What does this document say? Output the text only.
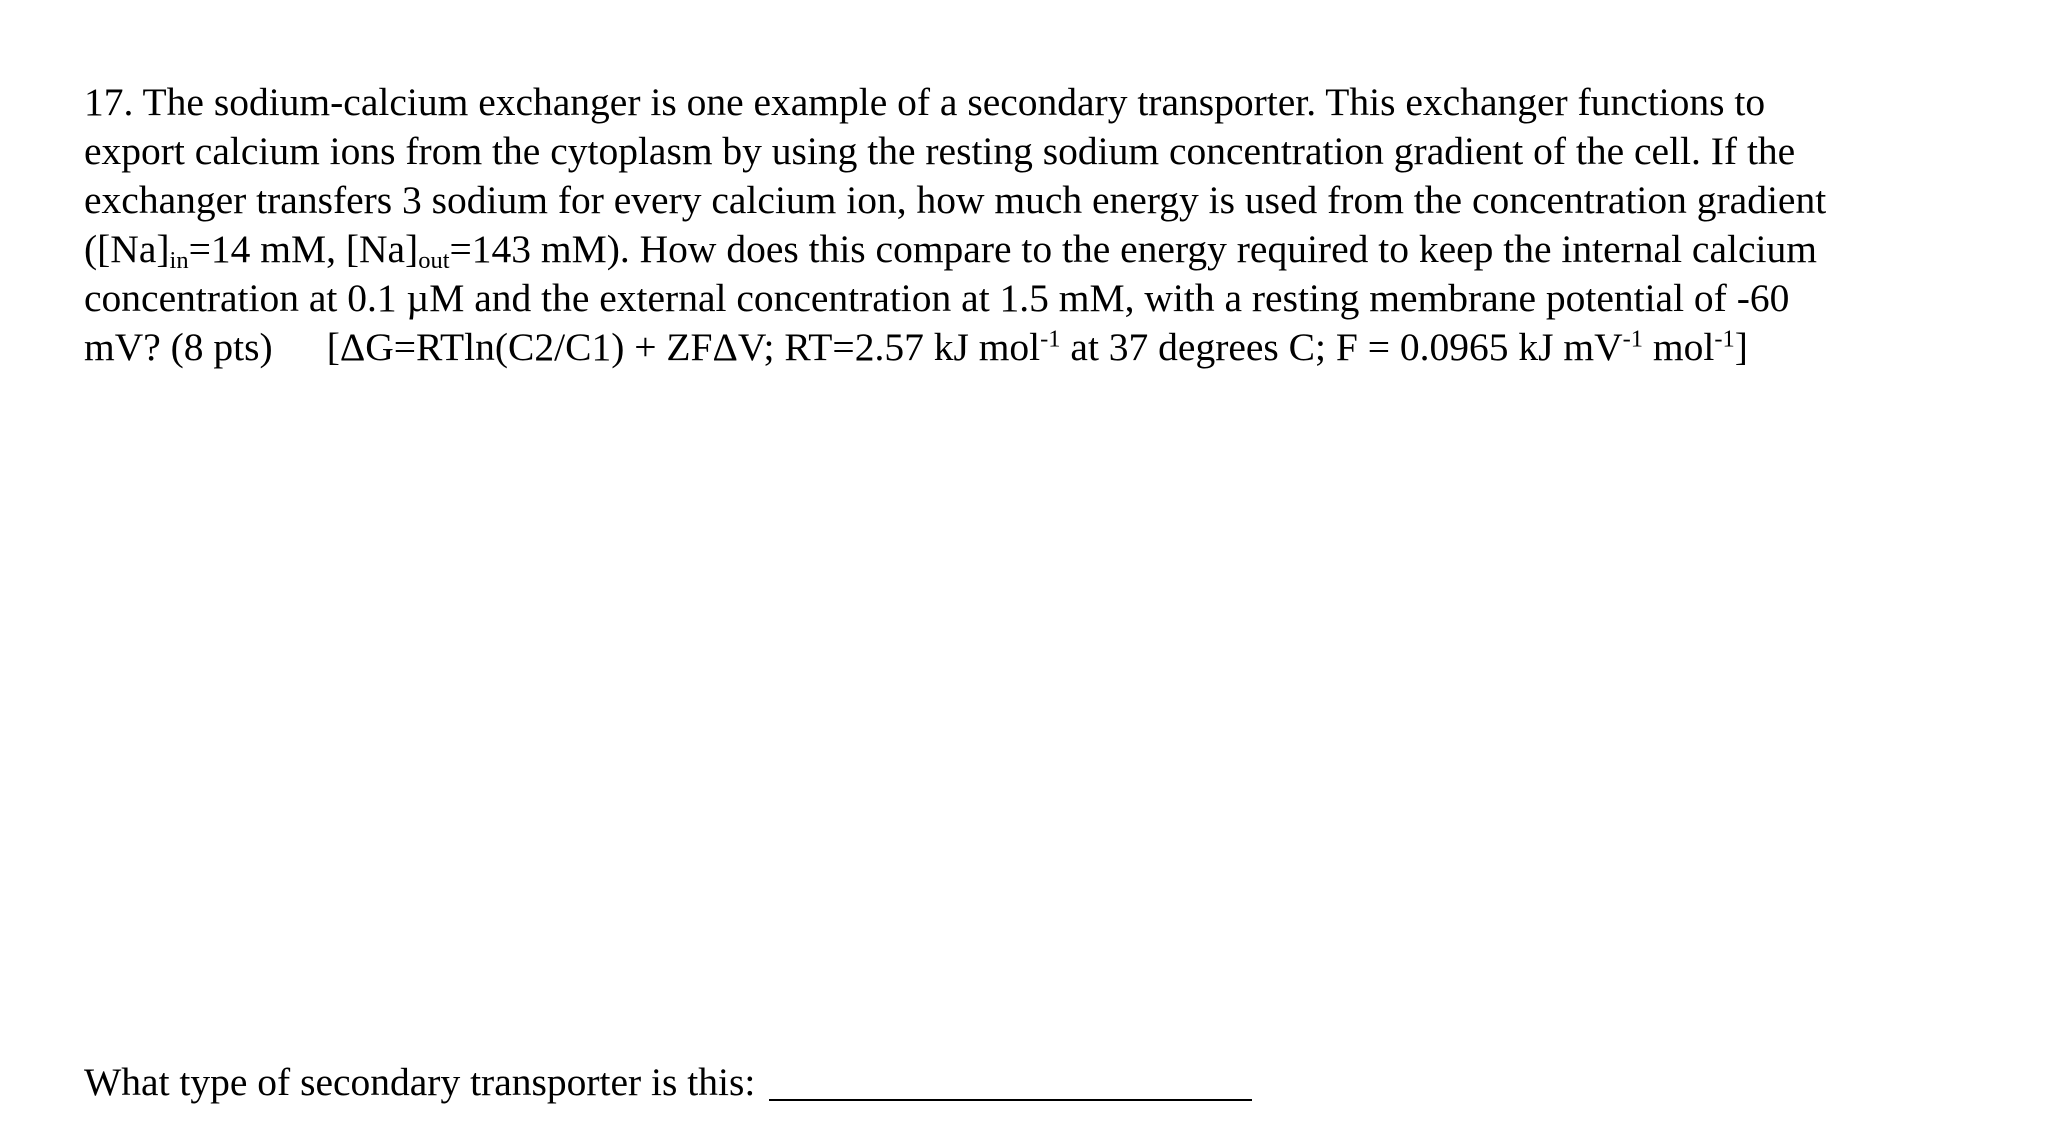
17. The sodium-calcium exchanger is one example of a secondary transporter. This exchanger functions to
export calcium ions from the cytoplasm by using the resting sodium concentration gradient of the cell. If the
exchanger transfers 3 sodium for every calcium ion, how much energy is used from the concentration gradient
($[Na]_{in}=14$ mM, $[Na]_{out}=143$ mM). How does this compare to the energy required to keep the internal calcium
concentration at 0.1 µM and the external concentration at 1.5 mM, with a resting membrane potential of -60
mV? (8 pts) [ΔG=RTln(C2/C1) + ZFΔV; RT=2.57 kJ mol$^{-1}$ at 37 degrees C; F = 0.0965 kJ $mV^{-1}$ mol$^{-1}$]
What type of secondary transporter is this:
